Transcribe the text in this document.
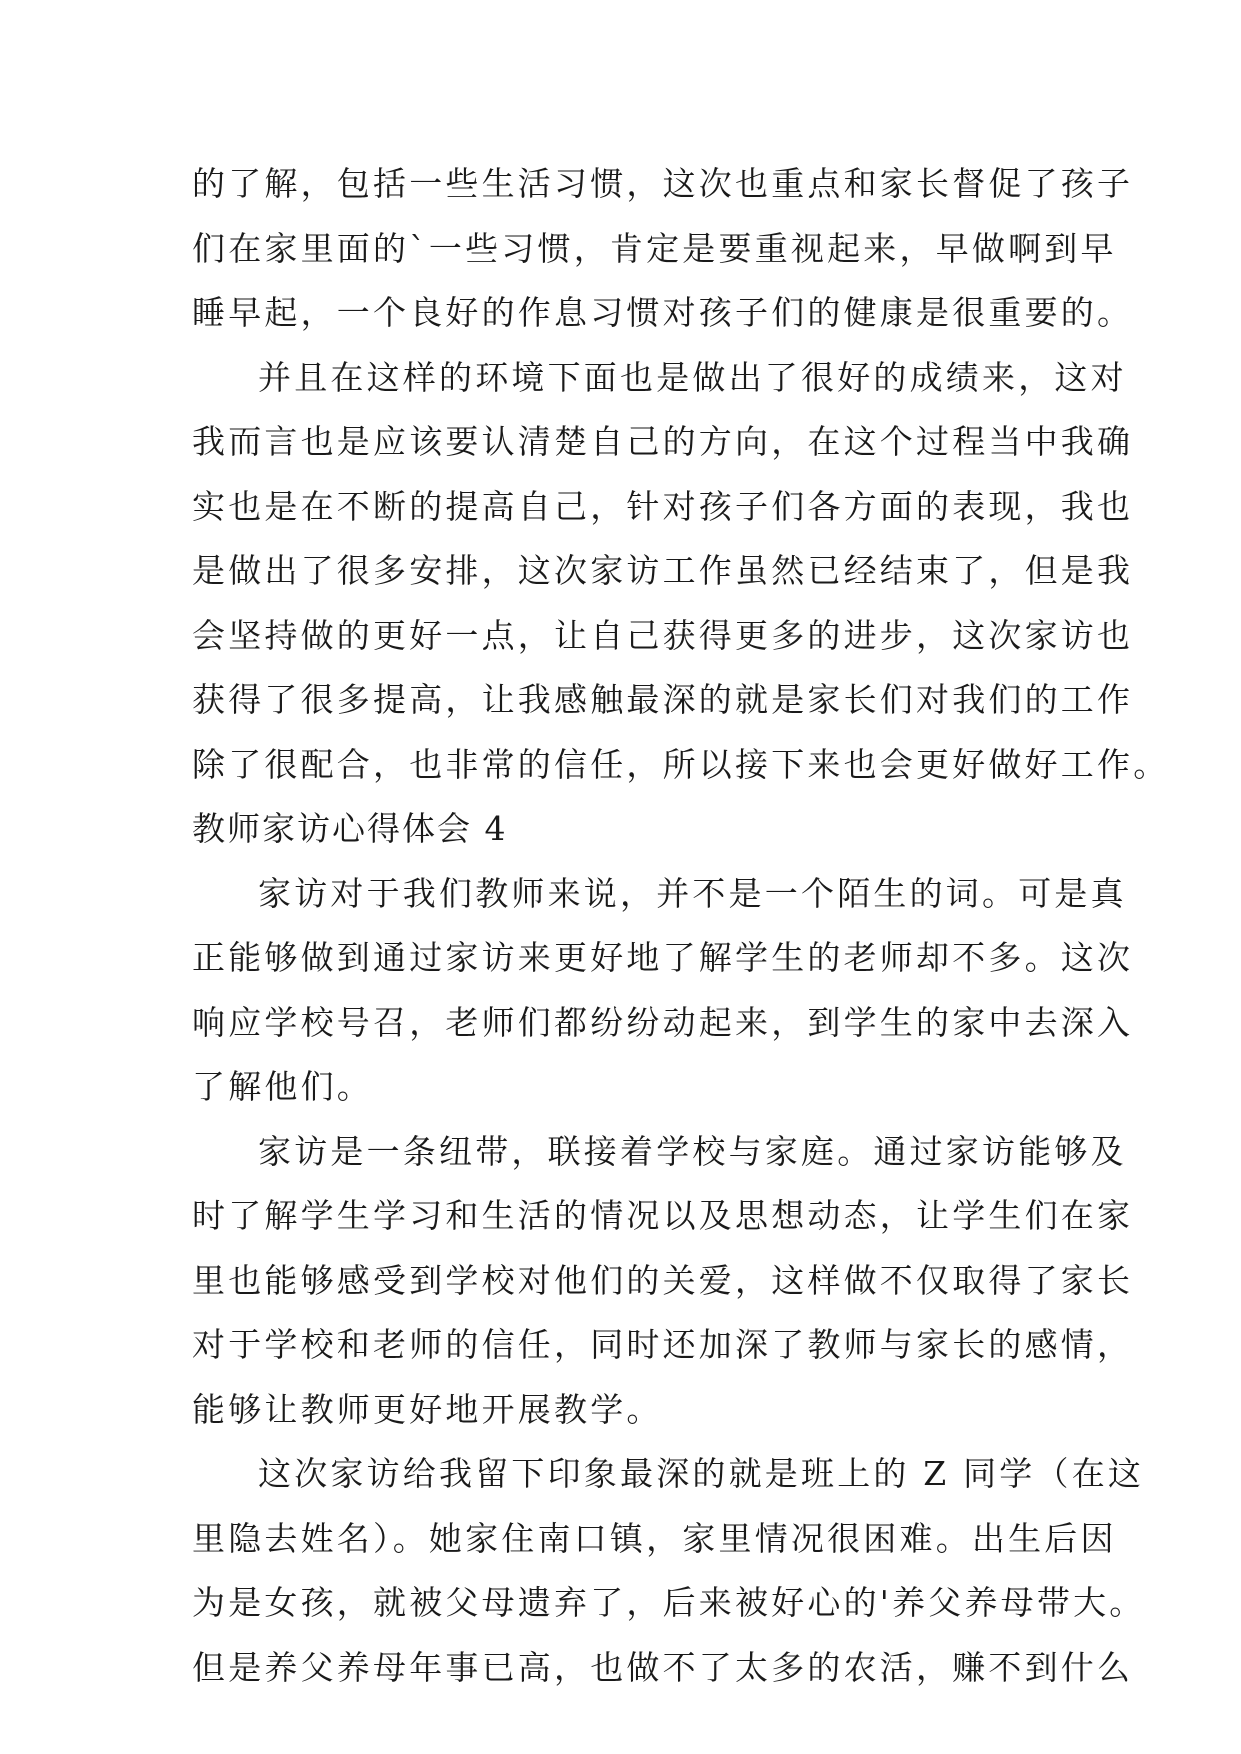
的了解，包括一些生活习惯，这次也重点和家长督促了孩子
们在家里面的`一些习惯，肯定是要重视起来，早做啊到早
睡早起，一个良好的作息习惯对孩子们的健康是很重要的。
并且在这样的环境下面也是做出了很好的成绩来，这对
我而言也是应该要认清楚自己的方向，在这个过程当中我确
实也是在不断的提高自己，针对孩子们各方面的表现，我也
是做出了很多安排，这次家访工作虽然已经结束了，但是我
会坚持做的更好一点，让自己获得更多的进步，这次家访也
获得了很多提高，让我感触最深的就是家长们对我们的工作
除了很配合，也非常的信任，所以接下来也会更好做好工作。
教师家访心得体会 4
家访对于我们教师来说，并不是一个陌生的词。可是真
正能够做到通过家访来更好地了解学生的老师却不多。这次
响应学校号召，老师们都纷纷动起来，到学生的家中去深入
了解他们。
家访是一条纽带，联接着学校与家庭。通过家访能够及
时了解学生学习和生活的情况以及思想动态，让学生们在家
里也能够感受到学校对他们的关爱，这样做不仅取得了家长
对于学校和老师的信任，同时还加深了教师与家长的感情，
能够让教师更好地开展教学。
这次家访给我留下印象最深的就是班上的 Z 同学（在这
里隐去姓名）。她家住南口镇，家里情况很困难。出生后因
为是女孩，就被父母遗弃了，后来被好心的'养父养母带大。
但是养父养母年事已高，也做不了太多的农活，赚不到什么
